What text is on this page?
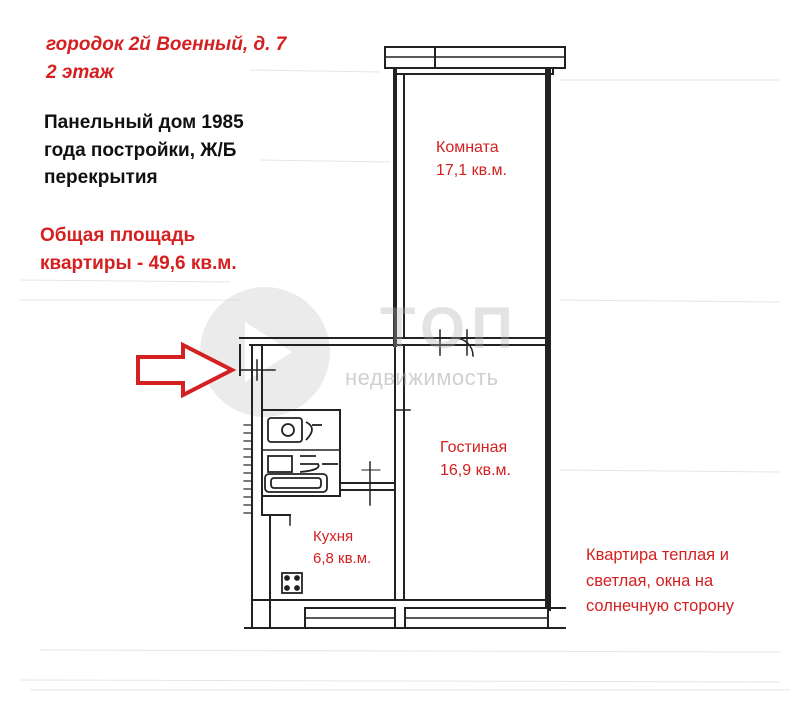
ТОП
недвижимость
городок 2й Военный, д. 7
2 этаж
Панельный дом 1985
года постройки, Ж/Б
перекрытия
Общая площадь
квартиры - 49,6 кв.м.
Комната
17,1 кв.м.
Гостиная
16,9 кв.м.
Кухня
6,8 кв.м.	Квартира теплая и
светлая, окна на
солнечную сторону
